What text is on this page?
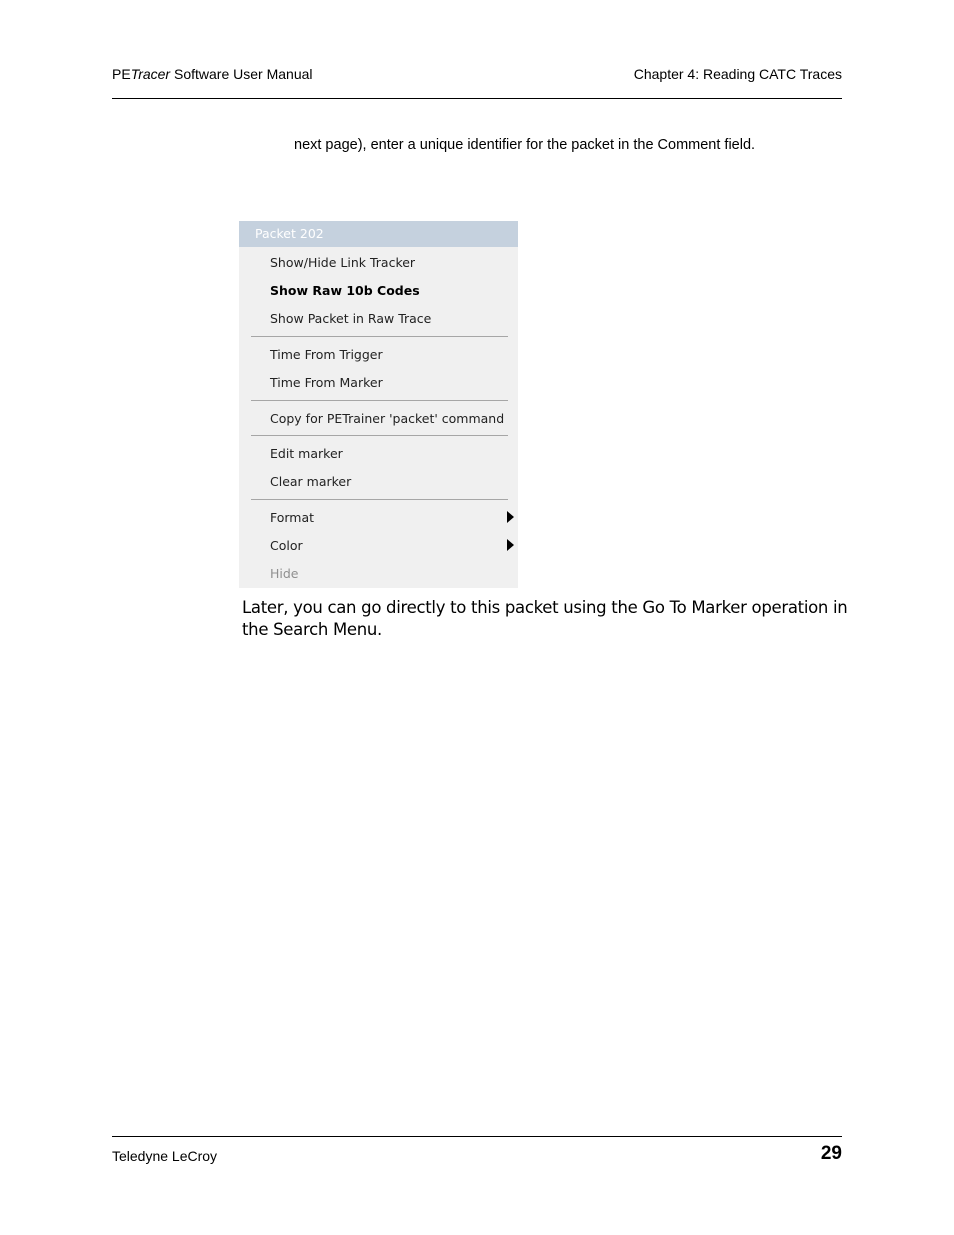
PETracer Software User Manual	Chapter 4: Reading CATC Traces
next page), enter a unique identifier for the packet in the Comment field.
Packet 202
Show/Hide Link Tracker
Show Raw 10b Codes
Show Packet in Raw Trace
Time From Trigger
Time From Marker
Copy for PETrainer 'packet' command
Edit marker
Clear marker
Format
Color
Hide
Later, you can go directly to this packet using the Go To Marker operation in the Search Menu.
Teledyne LeCroy	29
